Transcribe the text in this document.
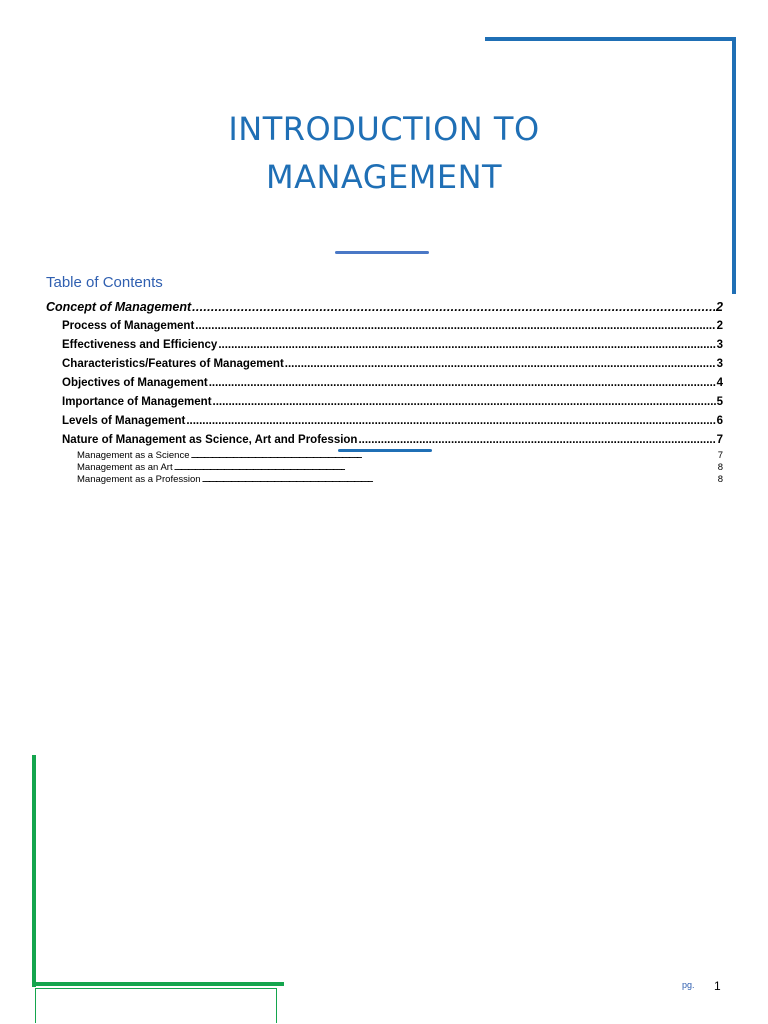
INTRODUCTION TO
MANAGEMENT
Table of Contents
Concept of Management . . .	2
Process of Management . . .	2
Effectiveness and Efficiency . . .	3
Characteristics/Features of Management . . .	3
Objectives of Management . . .	4
Importance of Management . . .	5
Levels of Management . . .	6
Nature of Management as Science, Art and Profession . . .	7
Management as a Science . . .	7
Management as an Art . . .	8
Management as a Profession . . .	8
pg. 1
